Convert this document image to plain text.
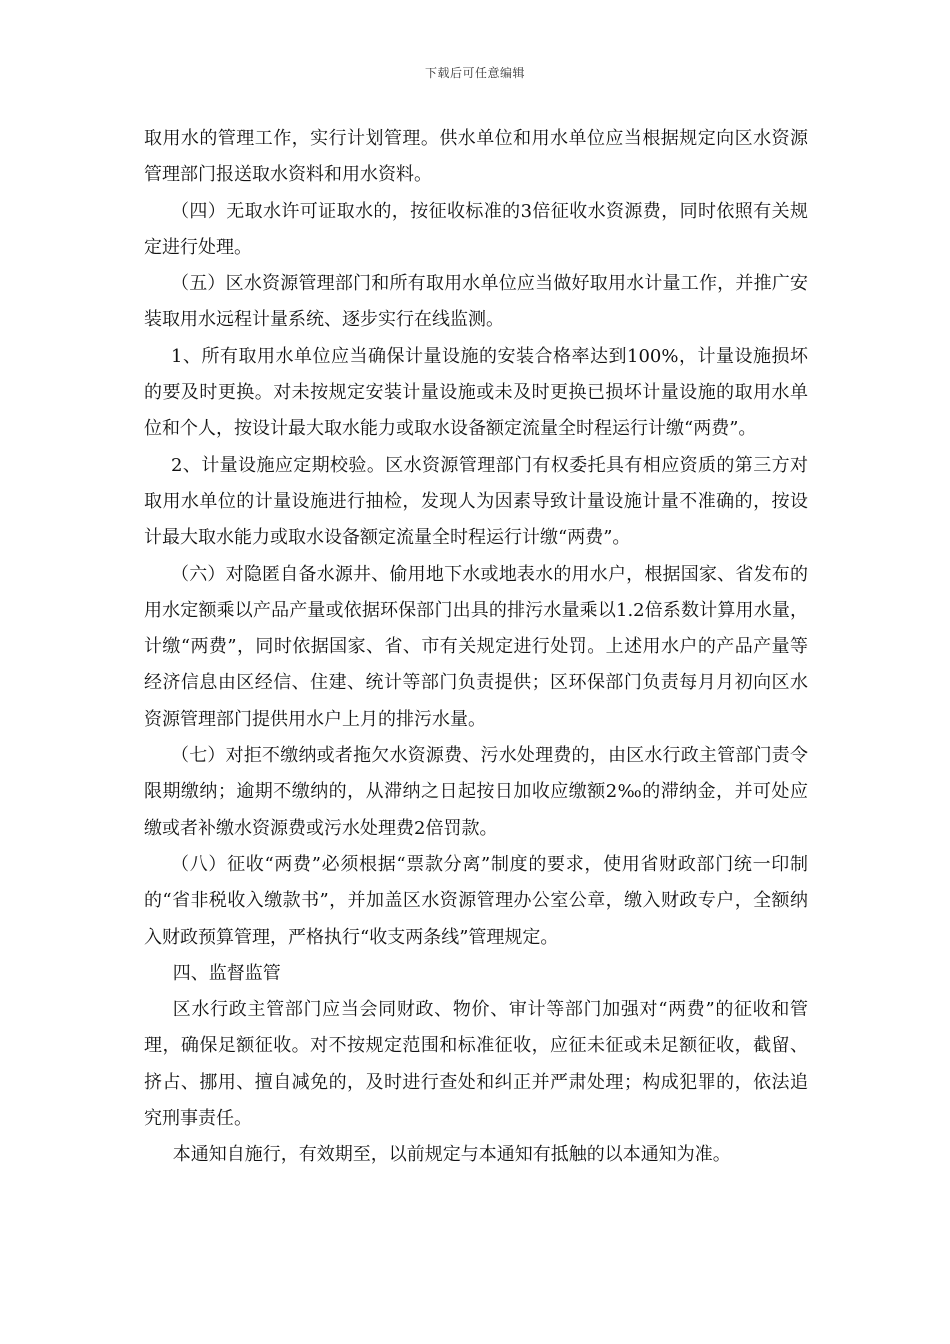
下载后可任意编辑

取用水的管理工作，实行计划管理。供水单位和用水单位应当根据规定向区水资源管理部门报送取水资料和用水资料。

（四）无取水许可证取水的，按征收标准的3倍征收水资源费，同时依照有关规定进行处理。

（五）区水资源管理部门和所有取用水单位应当做好取用水计量工作，并推广安装取用水远程计量系统、逐步实行在线监测。

1、所有取用水单位应当确保计量设施的安装合格率达到100%，计量设施损坏的要及时更换。对未按规定安装计量设施或未及时更换已损坏计量设施的取用水单位和个人，按设计最大取水能力或取水设备额定流量全时程运行计缴“两费”。

2、计量设施应定期校验。区水资源管理部门有权委托具有相应资质的第三方对取用水单位的计量设施进行抽检，发现人为因素导致计量设施计量不准确的，按设计最大取水能力或取水设备额定流量全时程运行计缴“两费”。

（六）对隐匿自备水源井、偷用地下水或地表水的用水户，根据国家、省发布的用水定额乘以产品产量或依据环保部门出具的排污水量乘以1.2倍系数计算用水量，计缴“两费”，同时依据国家、省、市有关规定进行处罚。上述用水户的产品产量等经济信息由区经信、住建、统计等部门负责提供；区环保部门负责每月月初向区水资源管理部门提供用水户上月的排污水量。

（七）对拒不缴纳或者拖欠水资源费、污水处理费的，由区水行政主管部门责令限期缴纳；逾期不缴纳的，从滞纳之日起按日加收应缴额2‰的滞纳金，并可处应缴或者补缴水资源费或污水处理费2倍罚款。

（八）征收“两费”必须根据“票款分离”制度的要求，使用省财政部门统一印制的“省非税收入缴款书”，并加盖区水资源管理办公室公章，缴入财政专户，全额纳入财政预算管理，严格执行“收支两条线”管理规定。

四、监督监管

区水行政主管部门应当会同财政、物价、审计等部门加强对“两费”的征收和管理，确保足额征收。对不按规定范围和标准征收，应征未征或未足额征收，截留、挤占、挪用、擅自减免的，及时进行查处和纠正并严肃处理；构成犯罪的，依法追究刑事责任。

本通知自施行，有效期至，以前规定与本通知有抵触的以本通知为准。
